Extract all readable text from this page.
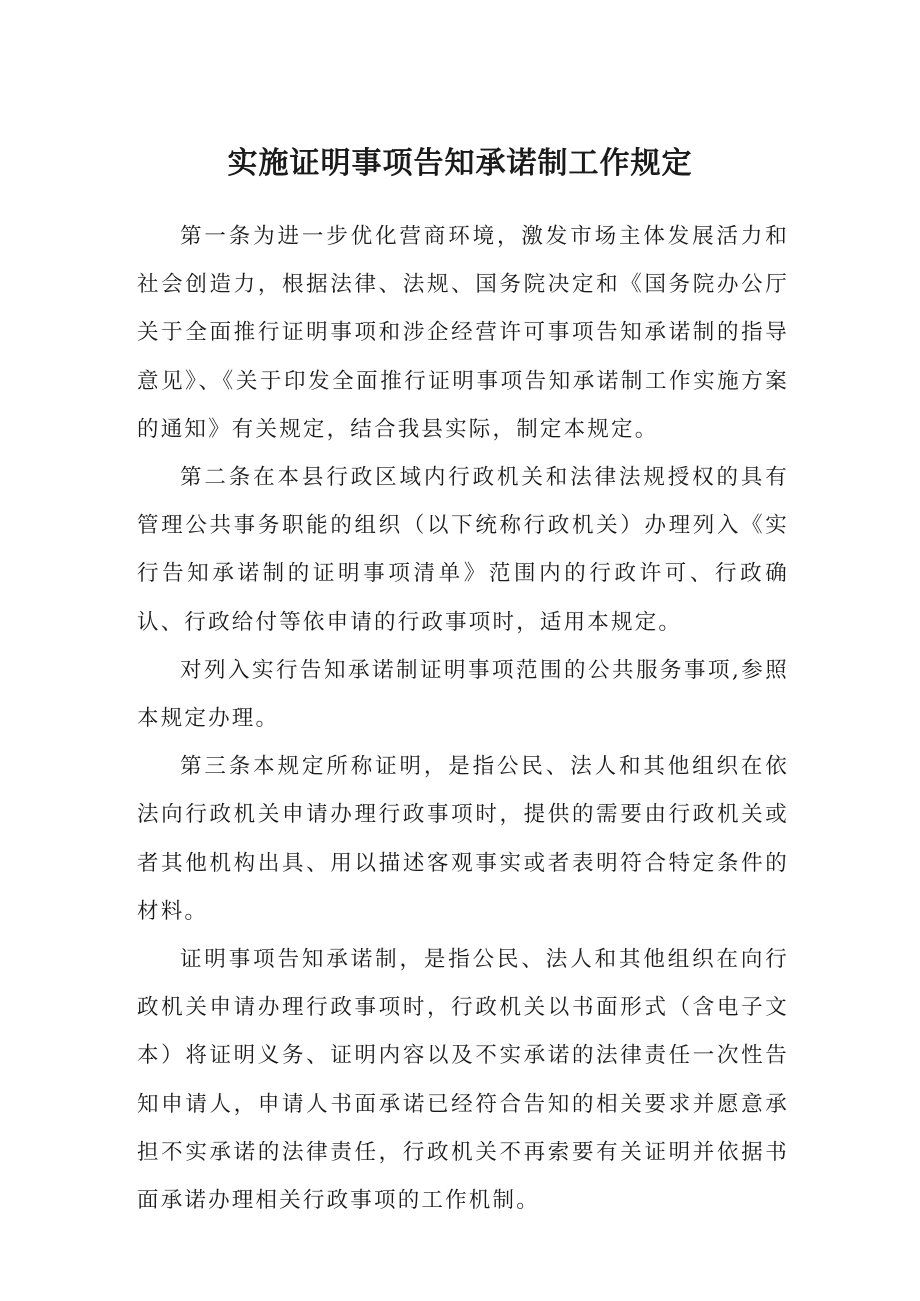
实施证明事项告知承诺制工作规定

第一条为进一步优化营商环境，激发市场主体发展活力和社会创造力，根据法律、法规、国务院决定和《国务院办公厅关于全面推行证明事项和涉企经营许可事项告知承诺制的指导意见》、《关于印发全面推行证明事项告知承诺制工作实施方案的通知》有关规定，结合我县实际，制定本规定。

第二条在本县行政区域内行政机关和法律法规授权的具有管理公共事务职能的组织（以下统称行政机关）办理列入《实行告知承诺制的证明事项清单》范围内的行政许可、行政确认、行政给付等依申请的行政事项时，适用本规定。

对列入实行告知承诺制证明事项范围的公共服务事项,参照本规定办理。

第三条本规定所称证明，是指公民、法人和其他组织在依法向行政机关申请办理行政事项时，提供的需要由行政机关或者其他机构出具、用以描述客观事实或者表明符合特定条件的材料。

证明事项告知承诺制，是指公民、法人和其他组织在向行政机关申请办理行政事项时，行政机关以书面形式（含电子文本）将证明义务、证明内容以及不实承诺的法律责任一次性告知申请人，申请人书面承诺已经符合告知的相关要求并愿意承担不实承诺的法律责任，行政机关不再索要有关证明并依据书面承诺办理相关行政事项的工作机制。
